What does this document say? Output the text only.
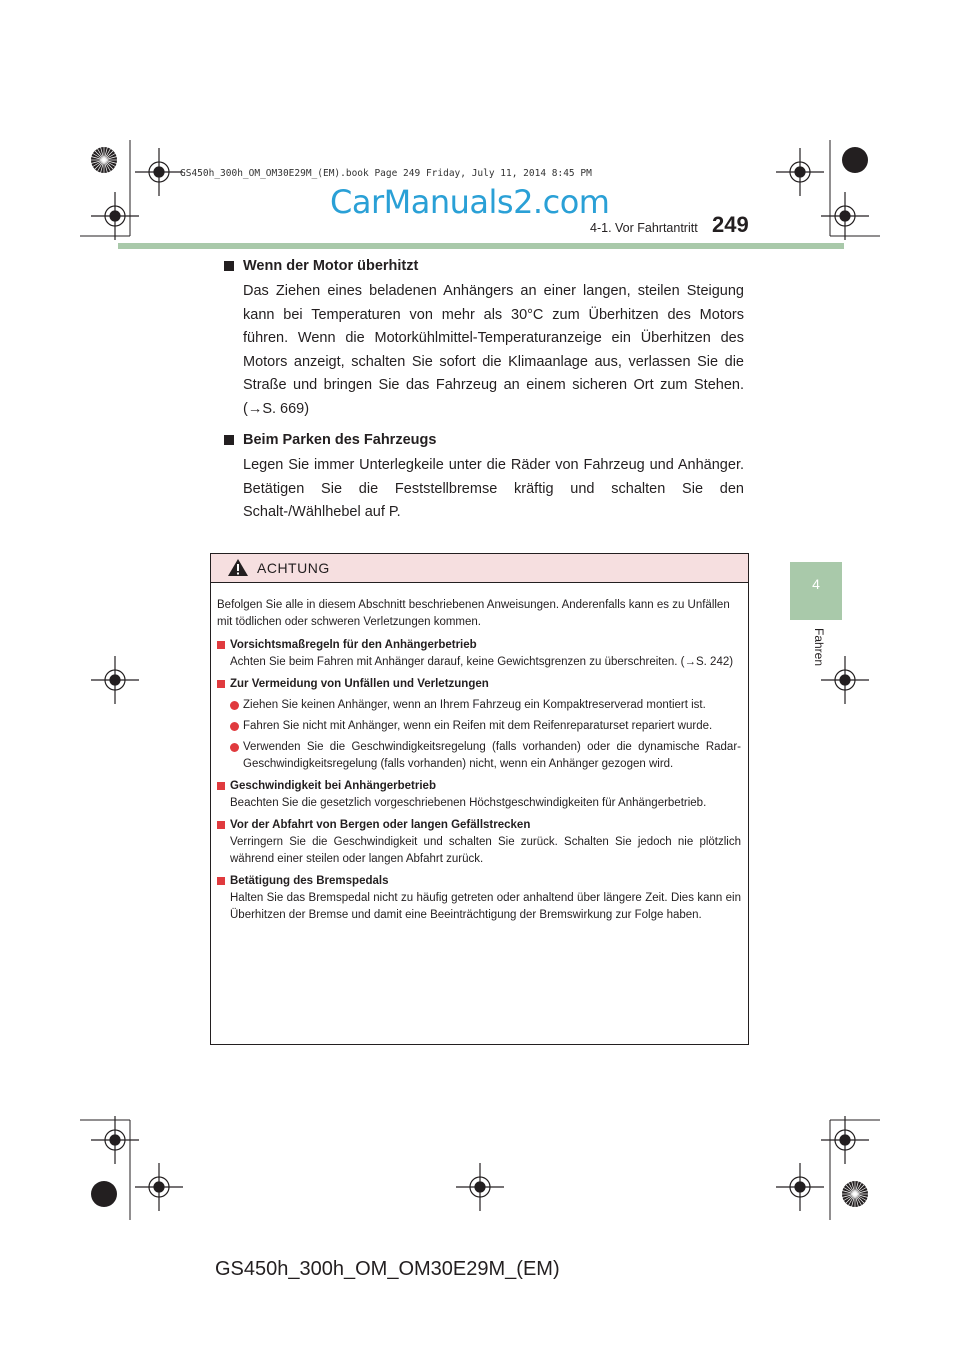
GS450h_300h_OM_OM30E29M_(EM).book Page 249 Friday, July 11, 2014 8:45 PM
CarManuals2.com
4-1. Vor Fahrtantritt 249
4
Fahren
Wenn der Motor überhitzt
Das Ziehen eines beladenen Anhängers an einer langen, steilen Steigung kann bei Temperaturen von mehr als 30°C zum Überhitzen des Motors führen. Wenn die Motorkühlmittel-Temperaturanzeige ein Überhitzen des Motors anzeigt, schalten Sie sofort die Klimaanlage aus, verlassen Sie die Straße und bringen Sie das Fahrzeug an einem sicheren Ort zum Stehen. (→S. 669)
Beim Parken des Fahrzeugs
Legen Sie immer Unterlegkeile unter die Räder von Fahrzeug und Anhänger. Betätigen Sie die Feststellbremse kräftig und schalten Sie den Schalt-/Wählhebel auf P.
ACHTUNG
Befolgen Sie alle in diesem Abschnitt beschriebenen Anweisungen. Anderenfalls kann es zu Unfällen mit tödlichen oder schweren Verletzungen kommen.
Vorsichtsmaßregeln für den Anhängerbetrieb
Achten Sie beim Fahren mit Anhänger darauf, keine Gewichtsgrenzen zu überschreiten. (→S. 242)
Zur Vermeidung von Unfällen und Verletzungen
Ziehen Sie keinen Anhänger, wenn an Ihrem Fahrzeug ein Kompaktreserverad montiert ist.
Fahren Sie nicht mit Anhänger, wenn ein Reifen mit dem Reifenreparaturset repariert wurde.
Verwenden Sie die Geschwindigkeitsregelung (falls vorhanden) oder die dynamische Radar-Geschwindigkeitsregelung (falls vorhanden) nicht, wenn ein Anhänger gezogen wird.
Geschwindigkeit bei Anhängerbetrieb
Beachten Sie die gesetzlich vorgeschriebenen Höchstgeschwindigkeiten für Anhängerbetrieb.
Vor der Abfahrt von Bergen oder langen Gefällstrecken
Verringern Sie die Geschwindigkeit und schalten Sie zurück. Schalten Sie jedoch nie plötzlich während einer steilen oder langen Abfahrt zurück.
Betätigung des Bremspedals
Halten Sie das Bremspedal nicht zu häufig getreten oder anhaltend über längere Zeit. Dies kann ein Überhitzen der Bremse und damit eine Beeinträchtigung der Bremswirkung zur Folge haben.
GS450h_300h_OM_OM30E29M_(EM)
